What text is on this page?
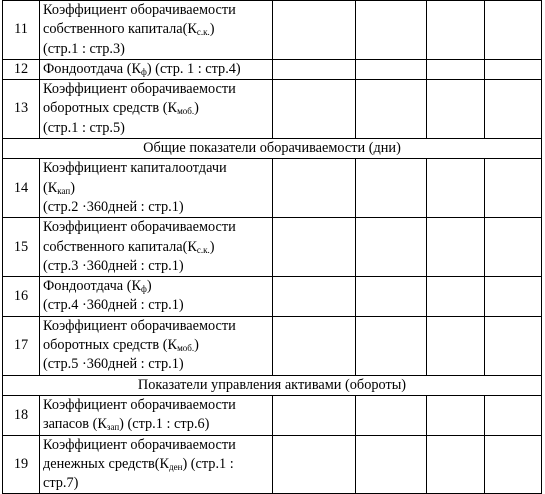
11	Коэффициент оборачиваемости
собственного $капитала(К_{с.к.})$
(стр.1 : стр.3)				

12	Фондоотдача $(К_ф)$ (стр. 1 : стр.4)				

13	Коэффициент оборачиваемости
оборотных средств $(К_{моб.})$
(стр.1 : стр.5)				

Общие показатели оборачиваемости (дни)					
14	Коэффициент капиталоотдачи
$(К_{кап})$
(стр.2 ·360дней : стр.1)				

15	Коэффициент оборачиваемости
собственного $капитала(К_{с.к.})$
(стр.3 ·360дней : стр.1)				

16	Фондоотдача $(К_ф)$
(стр.4 ·360дней : стр.1)				

17	Коэффициент оборачиваемости
оборотных средств $(К_{моб.})$
(стр.5 ·360дней : стр.1)				

Показатели управления активами (обороты)					
18	Коэффициент оборачиваемости
запасов $(К_{зап})$ (стр.1 : стр.6)				

19	Коэффициент оборачиваемости
денежных $средств(К_{ден})$ (стр.1 :
стр.7)				
